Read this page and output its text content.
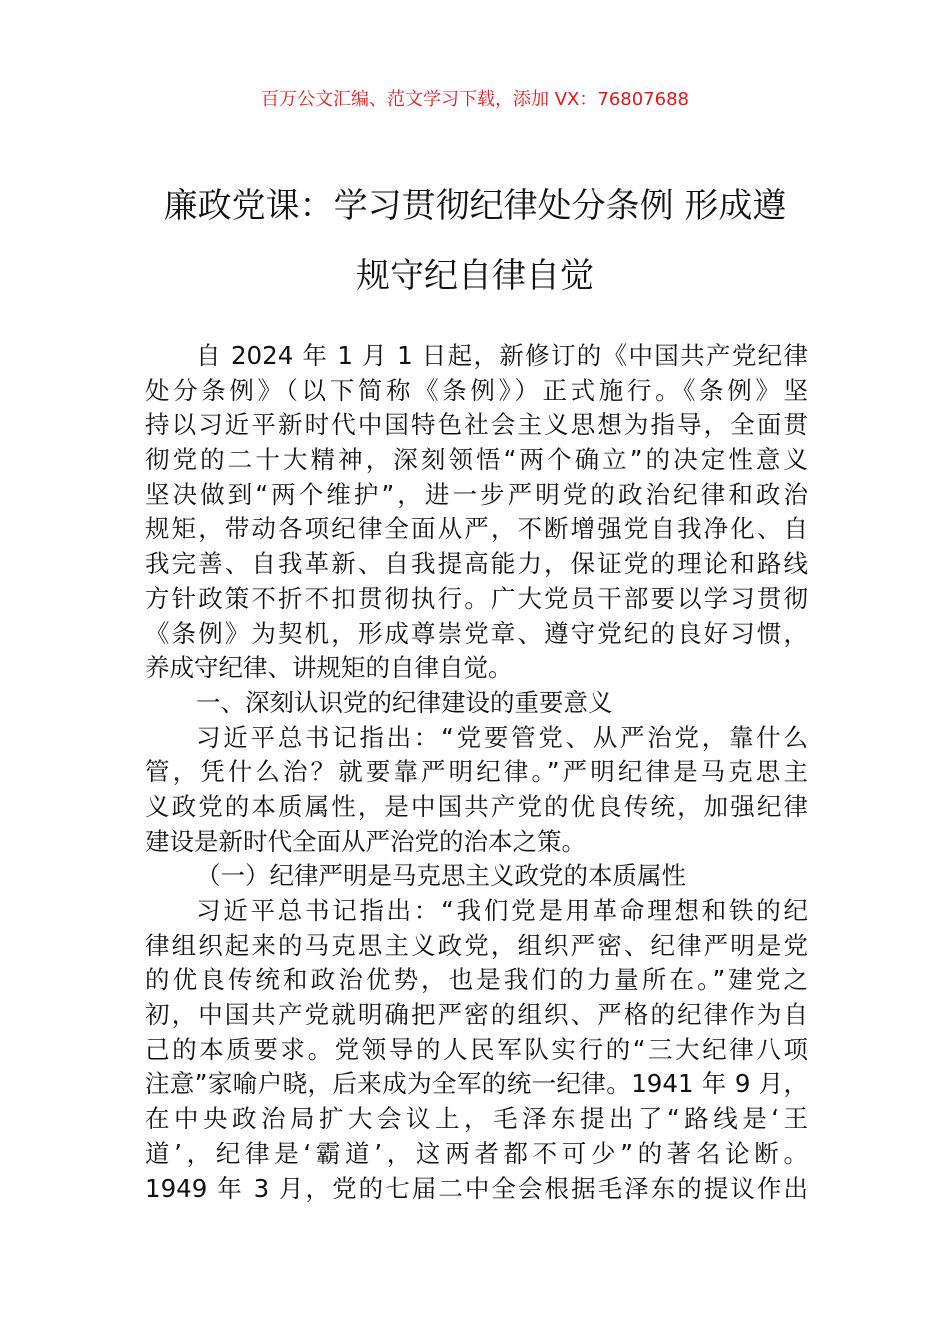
百万公文汇编、范文学习下载，添加 VX：76807688
廉政党课：学习贯彻纪律处分条例 形成遵
规守纪自律自觉
自 2024 年 1 月 1 日起，新修订的《中国共产党纪律
处分条例》（以下简称《条例》）正式施行。《条例》坚
持以习近平新时代中国特色社会主义思想为指导，全面贯
彻党的二十大精神，深刻领悟“两个确立”的决定性意义
坚决做到“两个维护”，进一步严明党的政治纪律和政治
规矩，带动各项纪律全面从严，不断增强党自我净化、自
我完善、自我革新、自我提高能力，保证党的理论和路线
方针政策不折不扣贯彻执行。广大党员干部要以学习贯彻
《条例》为契机，形成尊崇党章、遵守党纪的良好习惯，
养成守纪律、讲规矩的自律自觉。
一、深刻认识党的纪律建设的重要意义
习近平总书记指出：“党要管党、从严治党，靠什么
管，凭什么治？就要靠严明纪律。”严明纪律是马克思主
义政党的本质属性，是中国共产党的优良传统，加强纪律
建设是新时代全面从严治党的治本之策。
（一）纪律严明是马克思主义政党的本质属性
习近平总书记指出：“我们党是用革命理想和铁的纪
律组织起来的马克思主义政党，组织严密、纪律严明是党
的优良传统和政治优势，也是我们的力量所在。”建党之
初，中国共产党就明确把严密的组织、严格的纪律作为自
己的本质要求。党领导的人民军队实行的“三大纪律八项
注意”家喻户晓，后来成为全军的统一纪律。1941 年 9 月，
在中央政治局扩大会议上，毛泽东提出了“路线是‘王
道’，纪律是‘霸道’，这两者都不可少”的著名论断。
1949 年 3 月，党的七届二中全会根据毛泽东的提议作出
